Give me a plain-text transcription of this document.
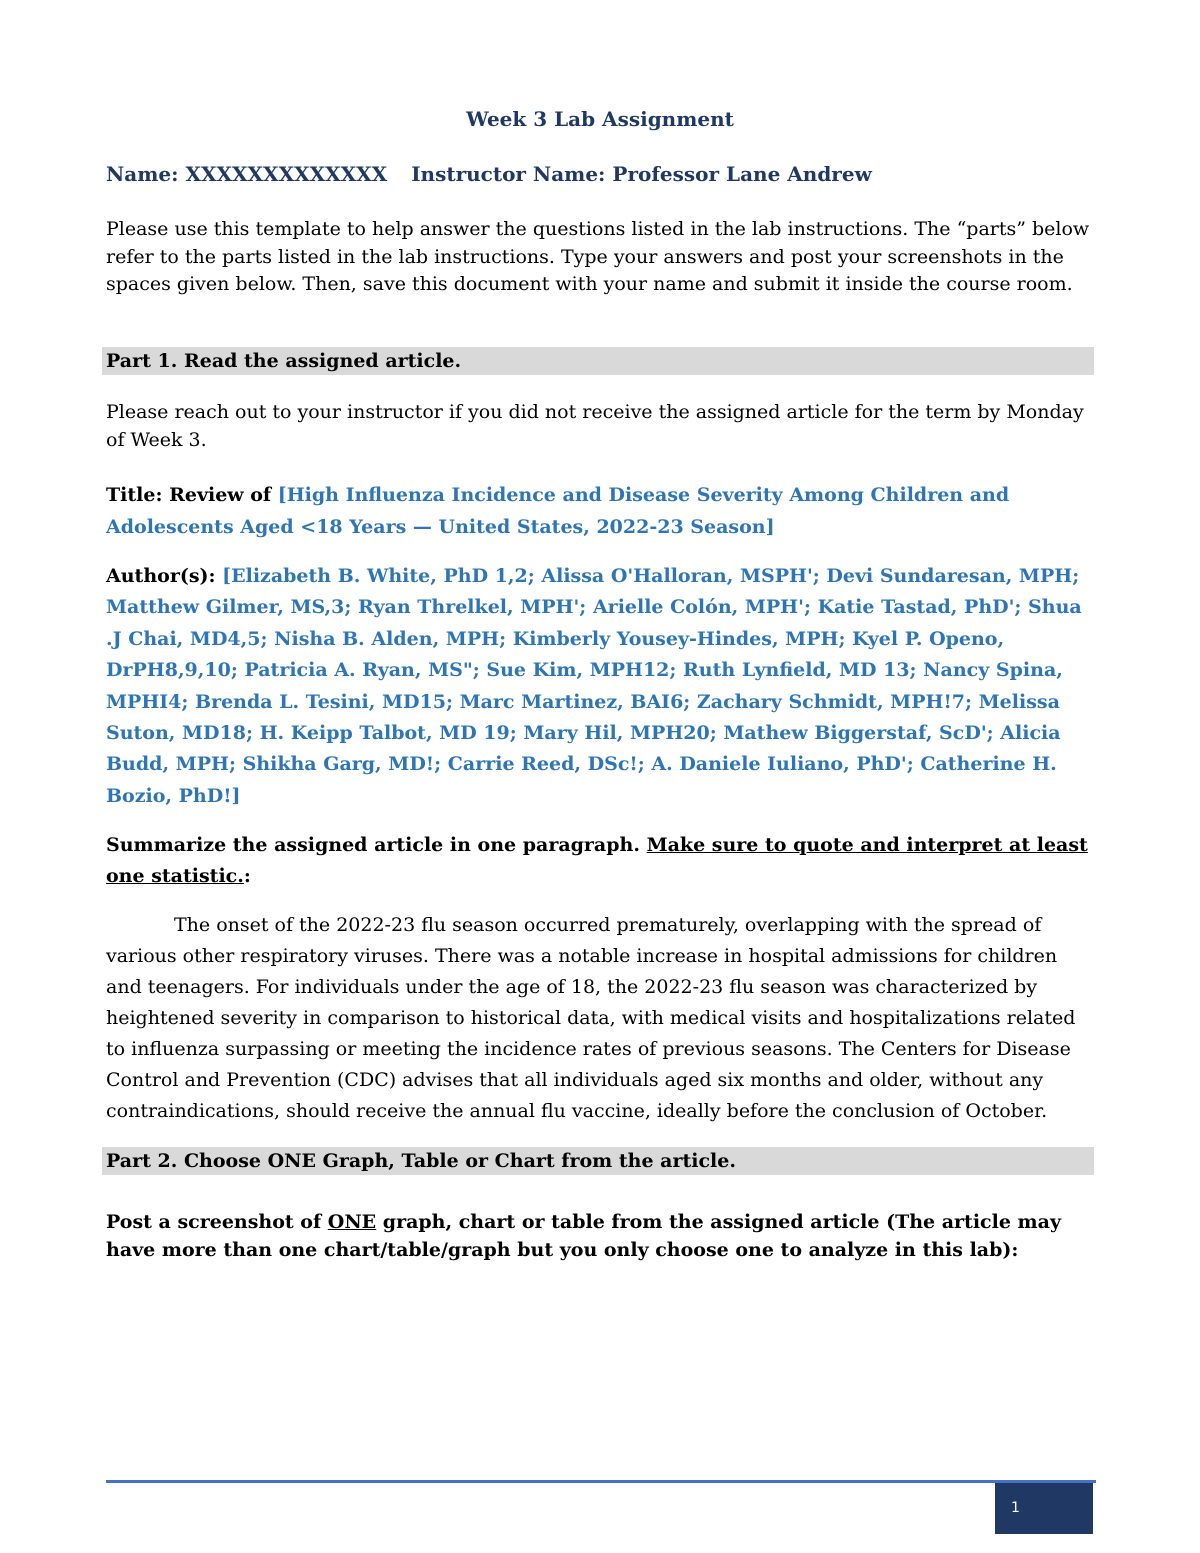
Week 3 Lab Assignment
Name: XXXXXXXXXXXXX Instructor Name: Professor Lane Andrew

Please use this template to help answer the questions listed in the lab instructions. The “parts” below refer to the parts listed in the lab instructions. Type your answers and post your screenshots in the spaces given below. Then, save this document with your name and submit it inside the course room.

Part 1. Read the assigned article.

Please reach out to your instructor if you did not receive the assigned article for the term by Monday of Week 3.

Title: Review of [High Influenza Incidence and Disease Severity Among Children and Adolescents Aged <18 Years — United States, 2022-23 Season]

Author(s): [Elizabeth B. White, PhD 1,2; Alissa O'Halloran, MSPH'; Devi Sundaresan, MPH; Matthew Gilmer, MS,3; Ryan Threlkel, MPH'; Arielle Colón, MPH'; Katie Tastad, PhD'; Shua .J Chai, MD4,5; Nisha B. Alden, MPH; Kimberly Yousey-Hindes, MPH; Kyel P. Openo, DrPH8,9,10; Patricia A. Ryan, MS"; Sue Kim, MPH12; Ruth Lynfield, MD 13; Nancy Spina, MPHI4; Brenda L. Tesini, MD15; Marc Martinez, BAI6; Zachary Schmidt, MPH!7; Melissa Suton, MD18; H. Keipp Talbot, MD 19; Mary Hil, MPH20; Mathew Biggerstaf, ScD'; Alicia Budd, MPH; Shikha Garg, MD!; Carrie Reed, DSc!; A. Daniele Iuliano, PhD'; Catherine H. Bozio, PhD!]

Summarize the assigned article in one paragraph. Make sure to quote and interpret at least one statistic.:

The onset of the 2022-23 flu season occurred prematurely, overlapping with the spread of various other respiratory viruses. There was a notable increase in hospital admissions for children and teenagers. For individuals under the age of 18, the 2022-23 flu season was characterized by heightened severity in comparison to historical data, with medical visits and hospitalizations related to influenza surpassing or meeting the incidence rates of previous seasons. The Centers for Disease Control and Prevention (CDC) advises that all individuals aged six months and older, without any contraindications, should receive the annual flu vaccine, ideally before the conclusion of October.

Part 2. Choose ONE Graph, Table or Chart from the article.

Post a screenshot of ONE graph, chart or table from the assigned article (The article may have more than one chart/table/graph but you only choose one to analyze in this lab):

1
